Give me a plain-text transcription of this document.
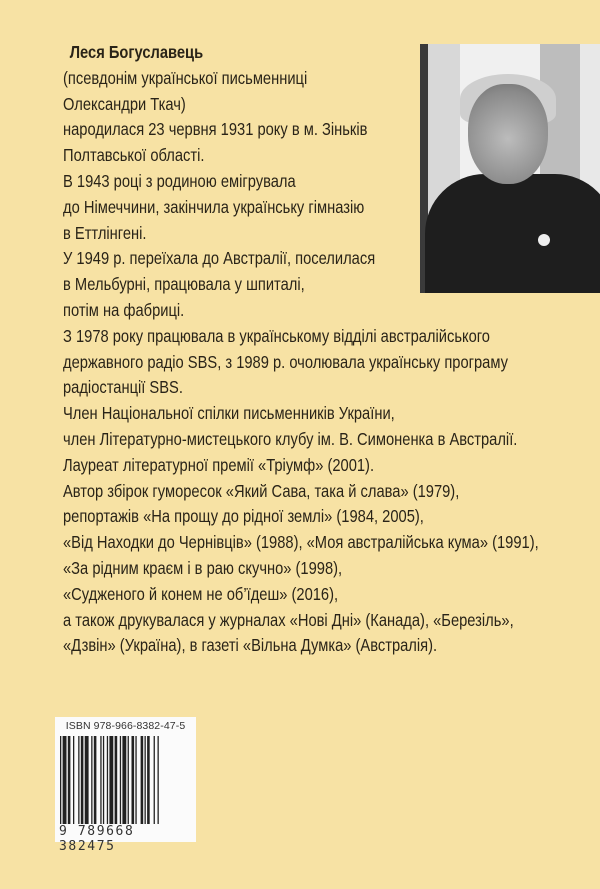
Леся Богуславець
(псевдонім української письменниці
Олександри Ткач)
народилася 23 червня 1931 року в м. Зіньків
Полтавської області.
В 1943 році з родиною емігрувала
до Німеччини, закінчила українську гімназію
в Еттлінгені.
У 1949 р. переїхала до Австралії, поселилася
в Мельбурні, працювала у шпиталі,
потім на фабриці.
З 1978 року працювала в українському відділі австралійського
державного радіо SBS, з 1989 р. очолювала українську програму
радіостанції SBS.
Член Національної спілки письменників України,
член Літературно-мистецького клубу ім. В. Симоненка в Австралії.
Лауреат літературної премії «Тріумф» (2001).
Автор збірок гуморесок «Який Сава, така й слава» (1979),
репортажів «На прощу до рідної землі» (1984, 2005),
«Від Находки до Чернівців» (1988), «Моя австралійська кума» (1991),
«За рідним краєм і в раю скучно» (1998),
«Судженого й конем не об’їдеш» (2016),
а також друкувалася у журналах «Нові Дні» (Канада), «Березіль»,
«Дзвін» (Україна), в газеті «Вільна Думка» (Австралія).
ISBN 978-966-8382-47-5
9 789668 382475
